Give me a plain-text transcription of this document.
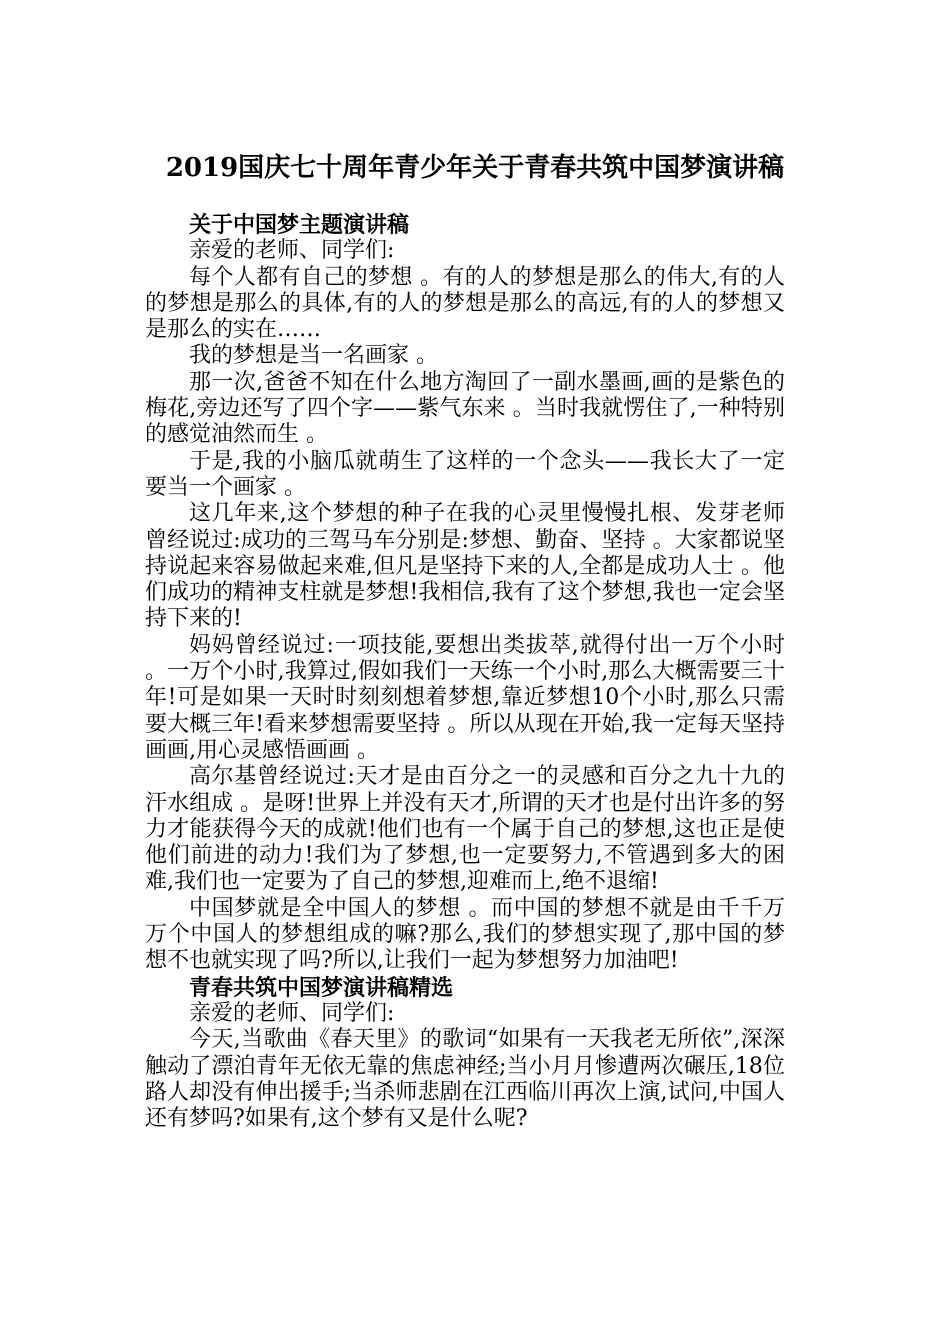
2019国庆七十周年青少年关于青春共筑中国梦演讲稿
关于中国梦主题演讲稿

亲爱的老师、同学们:

每个人都有自己的梦想 。有的人的梦想是那么的伟大,有的人的梦想是那么的具体,有的人的梦想是那么的高远,有的人的梦想又是那么的实在……

我的梦想是当一名画家 。

那一次,爸爸不知在什么地方淘回了一副水墨画,画的是紫色的梅花,旁边还写了四个字——紫气东来 。当时我就愣住了,一种特别的感觉油然而生 。

于是,我的小脑瓜就萌生了这样的一个念头——我长大了一定要当一个画家 。

这几年来,这个梦想的种子在我的心灵里慢慢扎根、发芽老师曾经说过:成功的三驾马车分别是:梦想、勤奋、坚持 。大家都说坚持说起来容易做起来难,但凡是坚持下来的人,全都是成功人士 。他们成功的精神支柱就是梦想!我相信,我有了这个梦想,我也一定会坚持下来的!

妈妈曾经说过:一项技能,要想出类拔萃,就得付出一万个小时 。一万个小时,我算过,假如我们一天练一个小时,那么大概需要三十年!可是如果一天时时刻刻想着梦想,靠近梦想10个小时,那么只需要大概三年!看来梦想需要坚持 。所以从现在开始,我一定每天坚持画画,用心灵感悟画画 。

高尔基曾经说过:天才是由百分之一的灵感和百分之九十九的汗水组成 。是呀!世界上并没有天才,所谓的天才也是付出许多的努力才能获得今天的成就!他们也有一个属于自己的梦想,这也正是使他们前进的动力!我们为了梦想,也一定要努力,不管遇到多大的困难,我们也一定要为了自己的梦想,迎难而上,绝不退缩!

中国梦就是全中国人的梦想 。而中国的梦想不就是由千千万万个中国人的梦想组成的嘛?那么,我们的梦想实现了,那中国的梦想不也就实现了吗?所以,让我们一起为梦想努力加油吧!

青春共筑中国梦演讲稿精选

亲爱的老师、同学们:

今天,当歌曲《春天里》的歌词“如果有一天我老无所依”,深深触动了漂泊青年无依无靠的焦虑神经;当小月月惨遭两次碾压,18位路人却没有伸出援手;当杀师悲剧在江西临川再次上演,试问,中国人还有梦吗?如果有,这个梦有又是什么呢?
